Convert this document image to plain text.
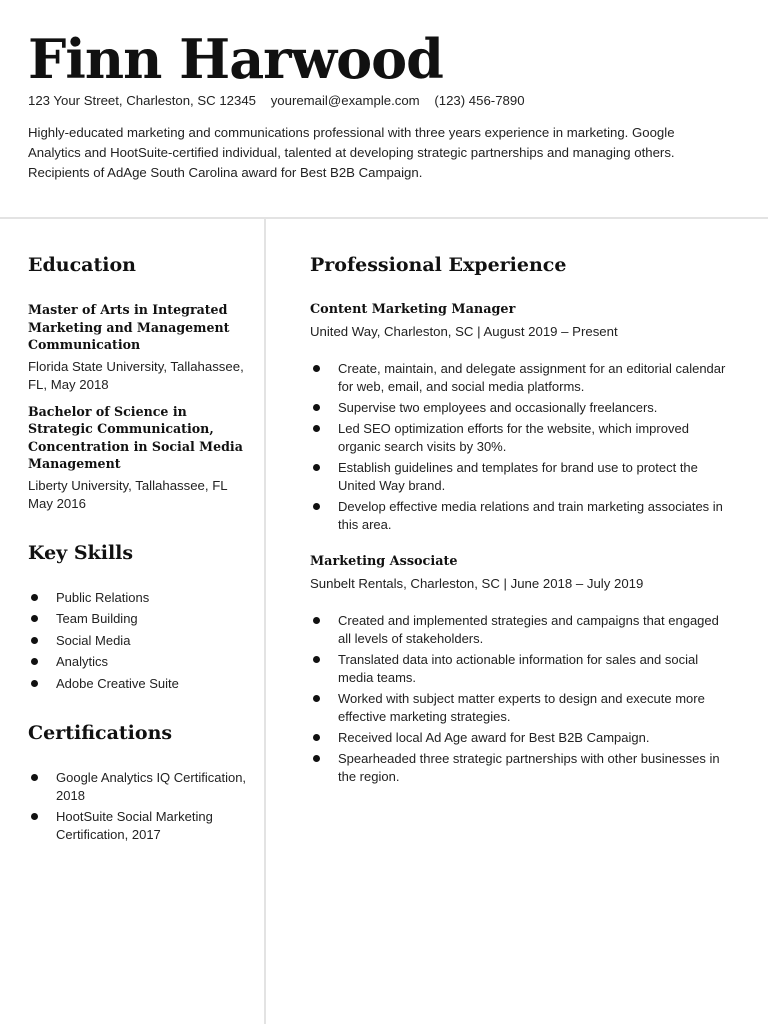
Finn Harwood
123 Your Street, Charleston, SC 12345 youremail@example.com (123) 456-7890
Highly-educated marketing and communications professional with three years experience in marketing. Google Analytics and HootSuite-certified individual, talented at developing strategic partnerships and managing others. Recipients of AdAge South Carolina award for Best B2B Campaign.
Education
Master of Arts in Integrated Marketing and Management Communication
Florida State University, Tallahassee, FL, May 2018
Bachelor of Science in Strategic Communication, Concentration in Social Media Management
Liberty University, Tallahassee, FL May 2016
Key Skills
Public Relations
Team Building
Social Media
Analytics
Adobe Creative Suite
Certifications
Google Analytics IQ Certification, 2018
HootSuite Social Marketing Certification, 2017
Professional Experience
Content Marketing Manager
United Way, Charleston, SC | August 2019 – Present
Create, maintain, and delegate assignment for an editorial calendar for web, email, and social media platforms.
Supervise two employees and occasionally freelancers.
Led SEO optimization efforts for the website, which improved organic search visits by 30%.
Establish guidelines and templates for brand use to protect the United Way brand.
Develop effective media relations and train marketing associates in this area.
Marketing Associate
Sunbelt Rentals, Charleston, SC | June 2018 – July 2019
Created and implemented strategies and campaigns that engaged all levels of stakeholders.
Translated data into actionable information for sales and social media teams.
Worked with subject matter experts to design and execute more effective marketing strategies.
Received local Ad Age award for Best B2B Campaign.
Spearheaded three strategic partnerships with other businesses in the region.
